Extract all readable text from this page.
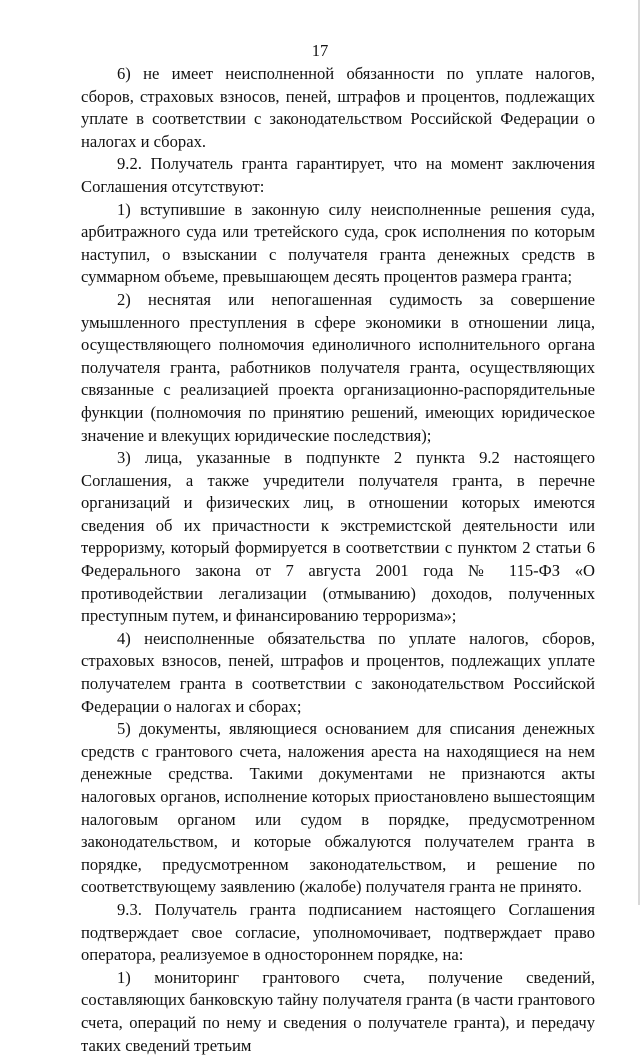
17

6) не имеет неисполненной обязанности по уплате налогов, сборов, страховых взносов, пеней, штрафов и процентов, подлежащих уплате в соответствии с законодательством Российской Федерации о налогах и сборах.

9.2. Получатель гранта гарантирует, что на момент заключения Соглашения отсутствуют:

1) вступившие в законную силу неисполненные решения суда, арбитражного суда или третейского суда, срок исполнения по которым наступил, о взыскании с получателя гранта денежных средств в суммарном объеме, превышающем десять процентов размера гранта;

2) неснятая или непогашенная судимость за совершение умышленного преступления в сфере экономики в отношении лица, осуществляющего полномочия единоличного исполнительного органа получателя гранта, работников получателя гранта, осуществляющих связанные с реализацией проекта организационно-распорядительные функции (полномочия по принятию решений, имеющих юридическое значение и влекущих юридические последствия);

3) лица, указанные в подпункте 2 пункта 9.2 настоящего Соглашения, а также учредители получателя гранта, в перечне организаций и физических лиц, в отношении которых имеются сведения об их причастности к экстремистской деятельности или терроризму, который формируется в соответствии с пунктом 2 статьи 6 Федерального закона от 7 августа 2001 года № 115-ФЗ «О противодействии легализации (отмыванию) доходов, полученных преступным путем, и финансированию терроризма»;

4) неисполненные обязательства по уплате налогов, сборов, страховых взносов, пеней, штрафов и процентов, подлежащих уплате получателем гранта в соответствии с законодательством Российской Федерации о налогах и сборах;

5) документы, являющиеся основанием для списания денежных средств с грантового счета, наложения ареста на находящиеся на нем денежные средства. Такими документами не признаются акты налоговых органов, исполнение которых приостановлено вышестоящим налоговым органом или судом в порядке, предусмотренном законодательством, и которые обжалуются получателем гранта в порядке, предусмотренном законодательством, и решение по соответствующему заявлению (жалобе) получателя гранта не принято.

9.3. Получатель гранта подписанием настоящего Соглашения подтверждает свое согласие, уполномочивает, подтверждает право оператора, реализуемое в одностороннем порядке, на:

1) мониторинг грантового счета, получение сведений, составляющих банковскую тайну получателя гранта (в части грантового счета, операций по нему и сведения о получателе гранта), и передачу таких сведений третьим
